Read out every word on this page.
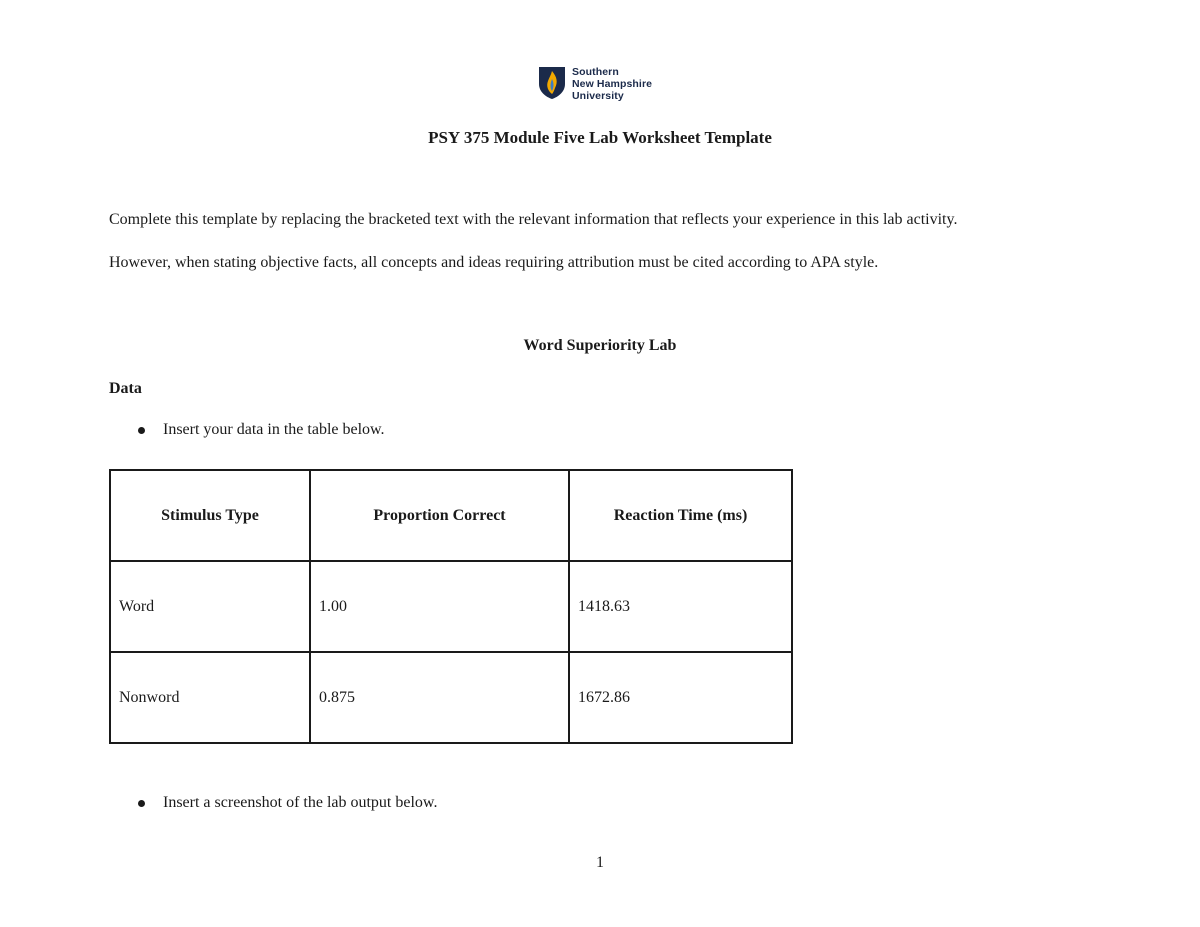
Southern
New Hampshire
University
PSY 375 Module Five Lab Worksheet Template
Complete this template by replacing the bracketed text with the relevant information that reflects your experience in this lab activity.
However, when stating objective facts, all concepts and ideas requiring attribution must be cited according to APA style.
Word Superiority Lab
Data
Insert your data in the table below.
Stimulus Type	Proportion Correct	Reaction Time (ms)
Word	1.00	1418.63
Nonword	0.875	1672.86
Insert a screenshot of the lab output below.
1
